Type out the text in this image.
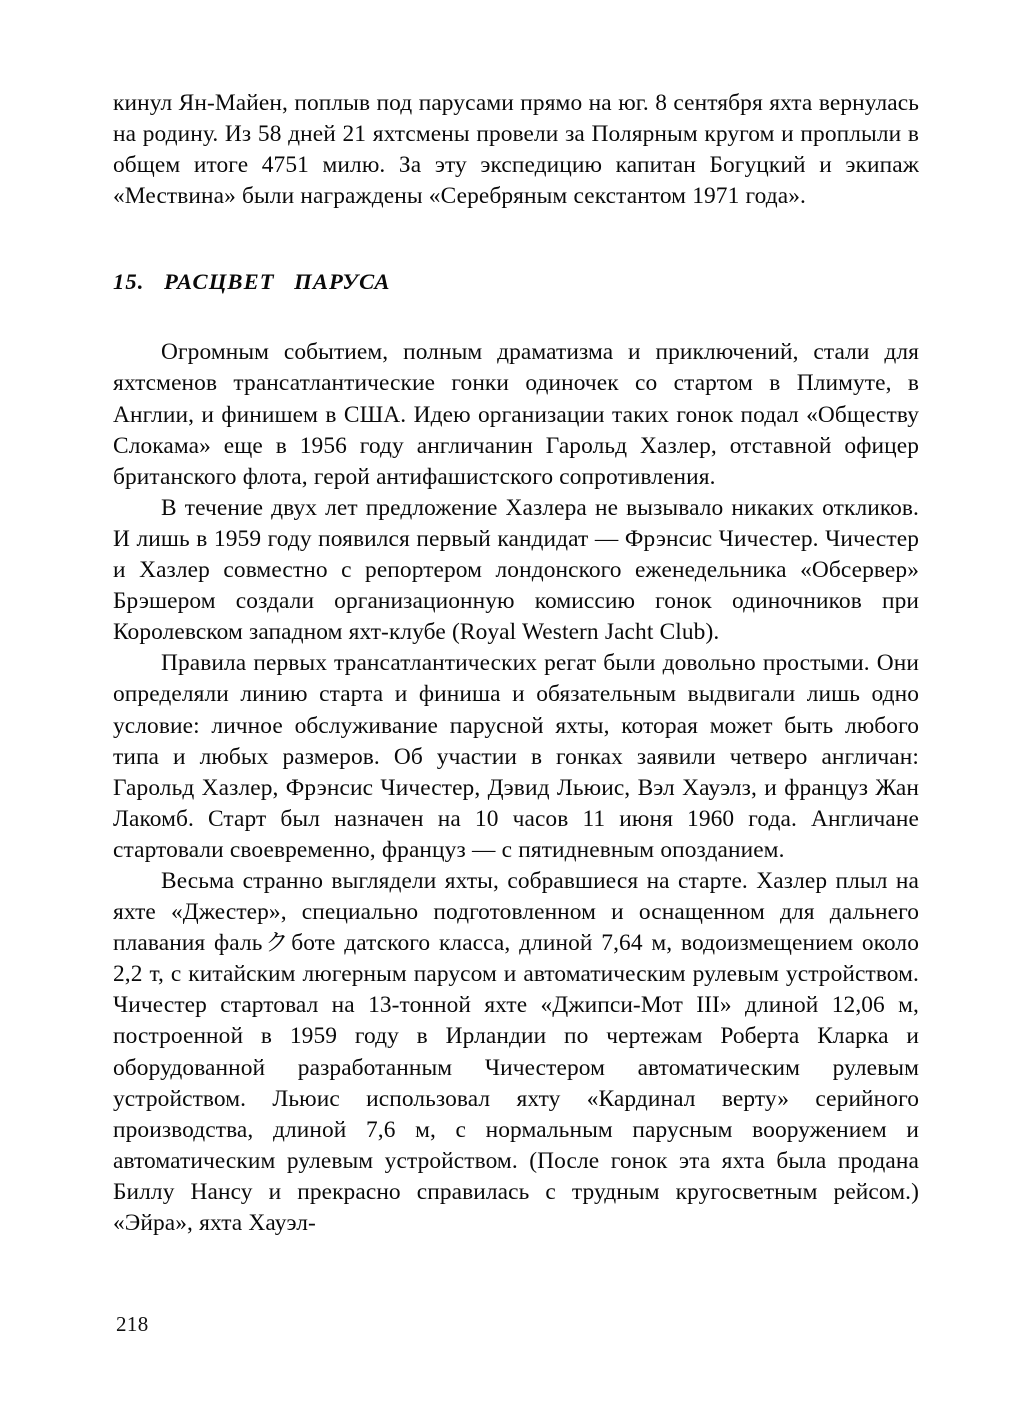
кинул Ян-Майен, поплыв под парусами прямо на юг. 8 сентября яхта вернулась на родину. Из 58 дней 21 яхтсмены провели за Полярным кругом и проплыли в общем итоге 4751 милю. За эту экспедицию капитан Богуцкий и экипаж «Мествина» были награждены «Серебряным секстантом 1971 года».

15.  РАСЦВЕТ  ПАРУСА

Огромным событием, полным драматизма и приключений, стали для яхтсменов трансатлантические гонки одиночек со стартом в Плимуте, в Англии, и финишем в США. Идею организации таких гонок подал «Обществу Слокама» еще в 1956 году англичанин Гарольд Хазлер, отставной офицер британского флота, герой антифашистского сопротивления.

В течение двух лет предложение Хазлера не вызывало никаких откликов. И лишь в 1959 году появился первый кандидат — Фрэнсис Чичестер. Чичестер и Хазлер совместно с репортером лондонского еженедельника «Обсервер» Брэшером создали организационную комиссию гонок одиночников при Королевском западном яхт-клубе (Royal Western Jacht Club).

Правила первых трансатлантических регат были довольно простыми. Они определяли линию старта и финиша и обязательным выдвигали лишь одно условие: личное обслуживание парусной яхты, которая может быть любого типа и любых размеров. Об участии в гонках заявили четверо англичан: Гарольд Хазлер, Фрэнсис Чичестер, Дэвид Льюис, Вэл Хауэлз, и француз Жан Лакомб. Старт был назначен на 10 часов 11 июня 1960 года. Англичане стартовали своевременно, француз — с пятидневным опозданием.

Весьма странно выглядели яхты, собравшиеся на старте. Хазлер плыл на яхте «Джестер», специально подготовленном и оснащенном для дальнего плавания фальクботе датского класса, длиной 7,64 м, водоизмещением около 2,2 т, с китайским люгерным парусом и автоматическим рулевым устройством. Чичестер стартовал на 13-тонной яхте «Джипси-Мот III» длиной 12,06 м, построенной в 1959 году в Ирландии по чертежам Роберта Кларка и оборудованной разработанным Чичестером автоматическим рулевым устройством. Льюис использовал яхту «Кардинал верту» серийного производства, длиной 7,6 м, с нормальным парусным вооружением и автоматическим рулевым устройством. (После гонок эта яхта была продана Биллу Нансу и прекрасно справилась с трудным кругосветным рейсом.) «Эйра», яхта Хауэл-

218
